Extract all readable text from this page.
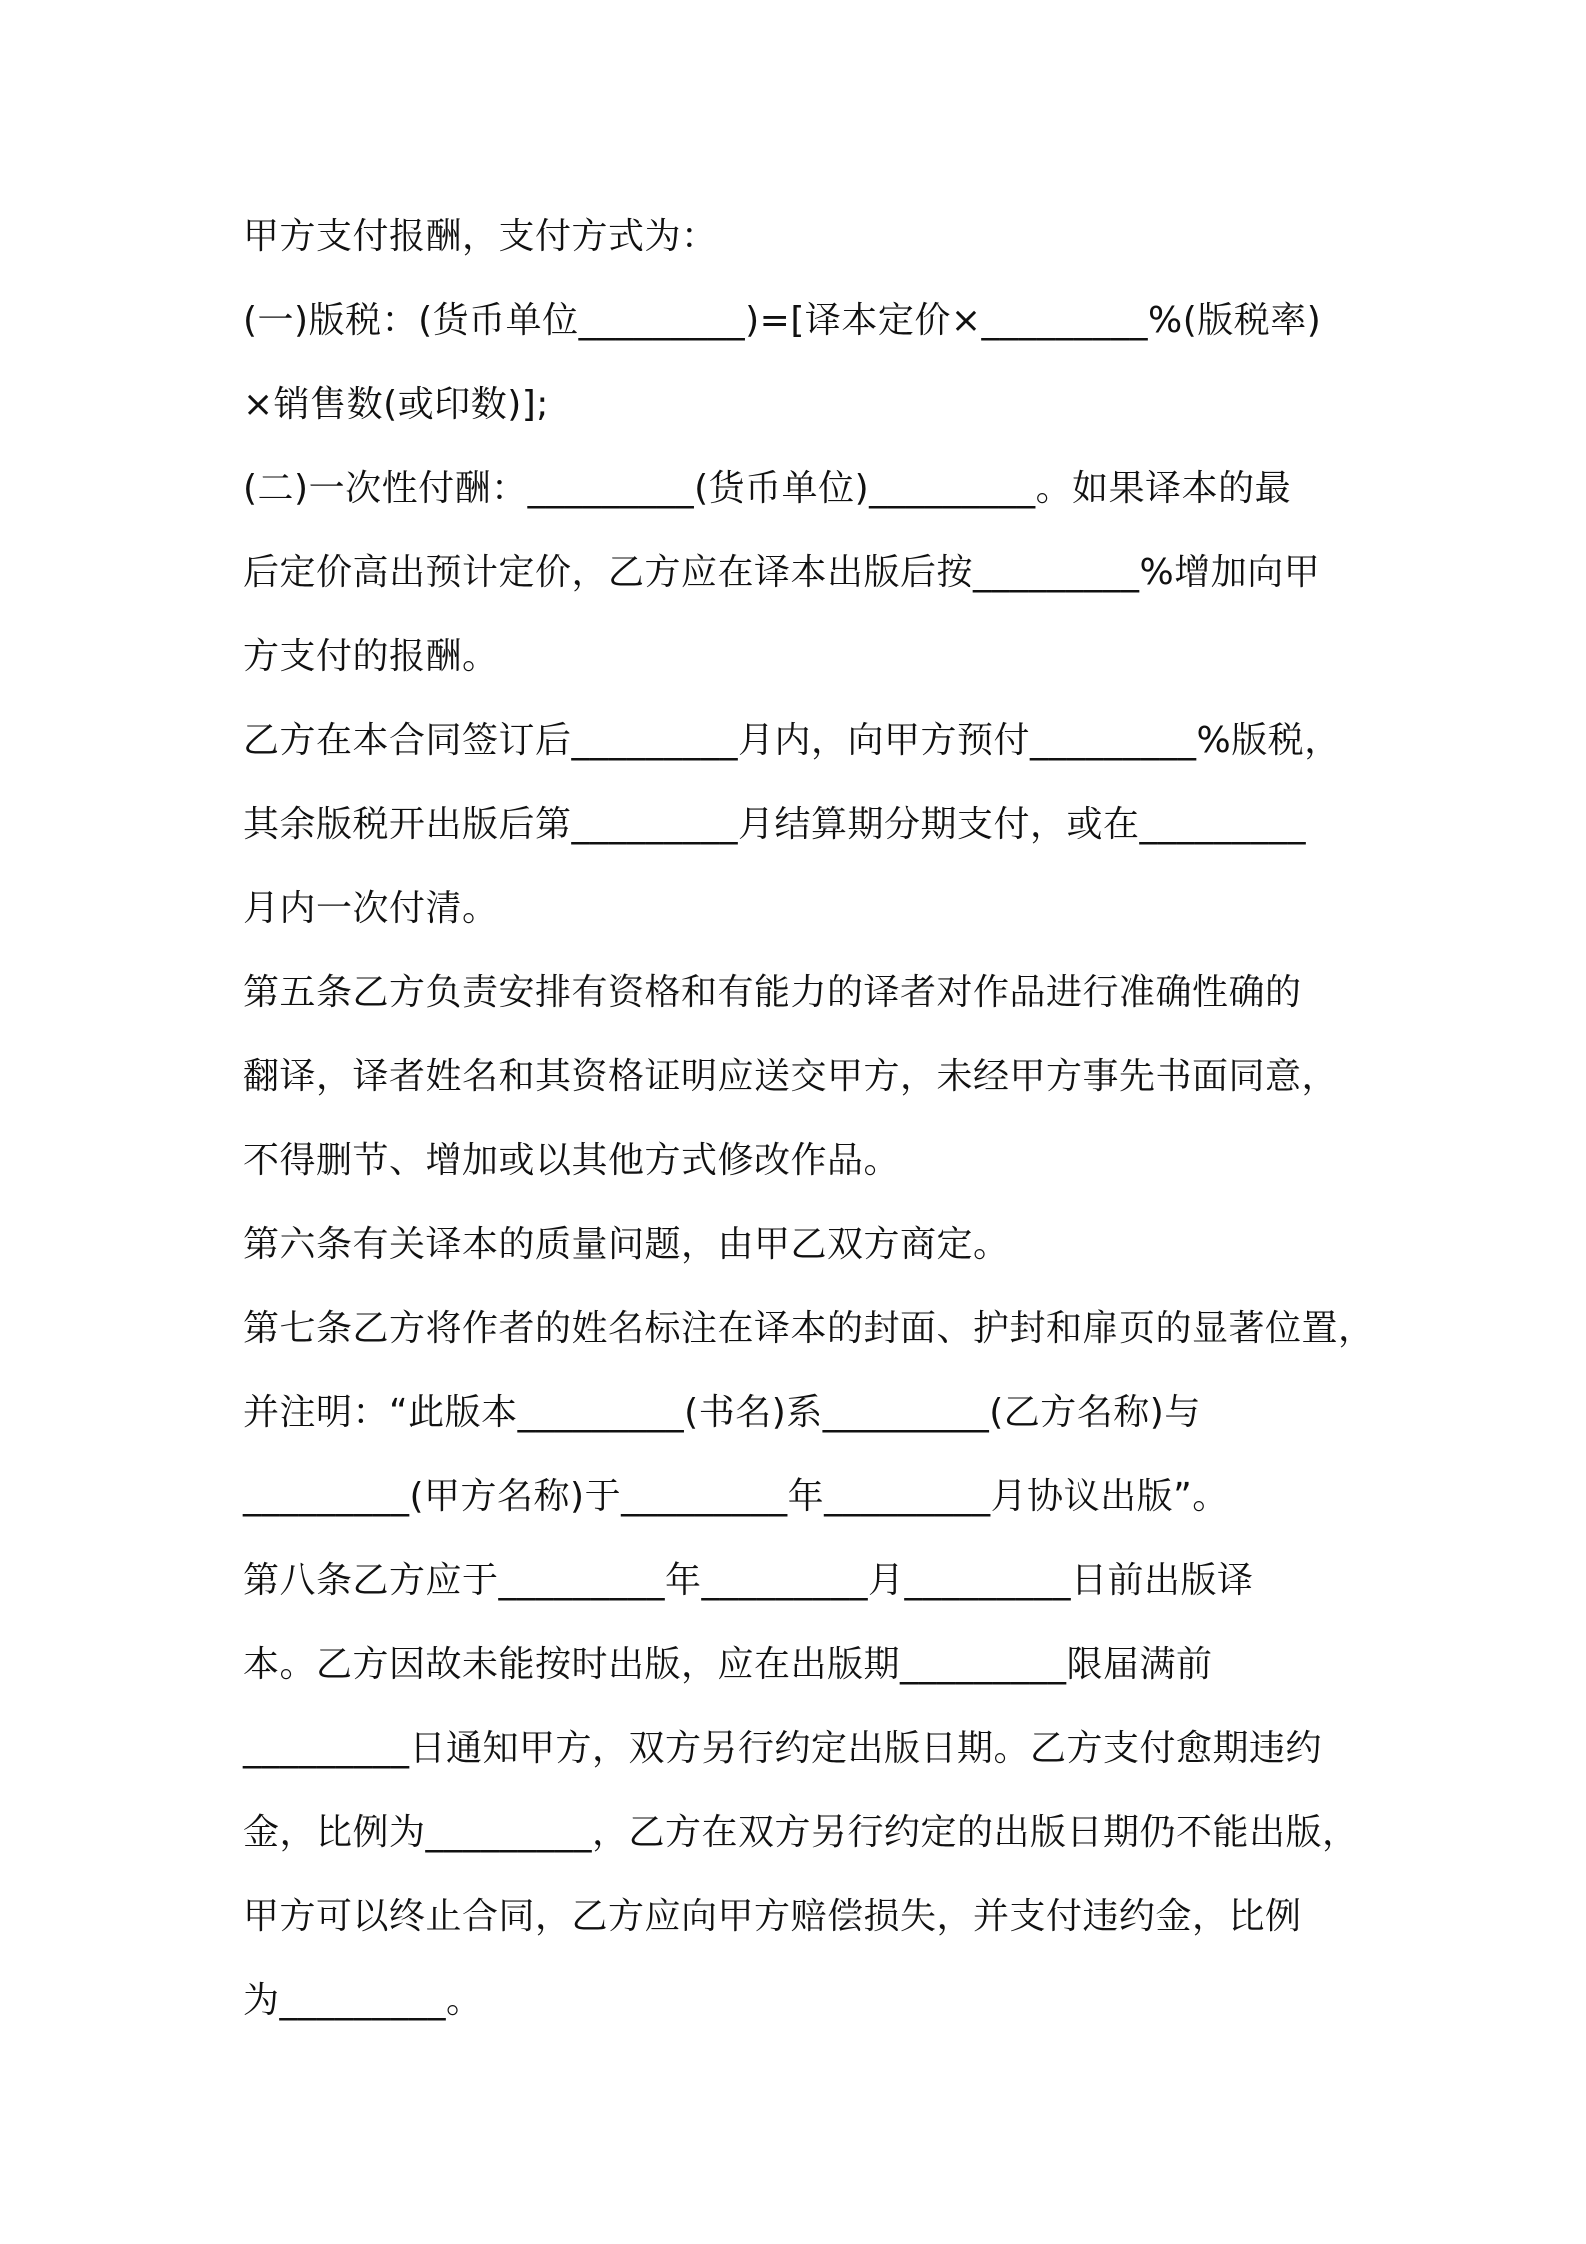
甲方支付报酬，支付方式为：
(一)版税：(货币单位_________)=[译本定价×_________%(版税率)
×销售数(或印数)];
(二)一次性付酬：_________(货币单位)_________。如果译本的最
后定价高出预计定价，乙方应在译本出版后按_________%增加向甲
方支付的报酬。
乙方在本合同签订后_________月内，向甲方预付_________%版税，
其余版税开出版后第_________月结算期分期支付，或在_________
月内一次付清。
第五条乙方负责安排有资格和有能力的译者对作品进行准确性确的
翻译，译者姓名和其资格证明应送交甲方，未经甲方事先书面同意，
不得删节、增加或以其他方式修改作品。
第六条有关译本的质量问题，由甲乙双方商定。
第七条乙方将作者的姓名标注在译本的封面、护封和扉页的显著位置，
并注明：“此版本_________(书名)系_________(乙方名称)与
_________(甲方名称)于_________年_________月协议出版”。
第八条乙方应于_________年_________月_________日前出版译
本。乙方因故未能按时出版，应在出版期_________限届满前
_________日通知甲方，双方另行约定出版日期。乙方支付愈期违约
金，比例为_________，乙方在双方另行约定的出版日期仍不能出版，
甲方可以终止合同，乙方应向甲方赔偿损失，并支付违约金，比例
为_________。
